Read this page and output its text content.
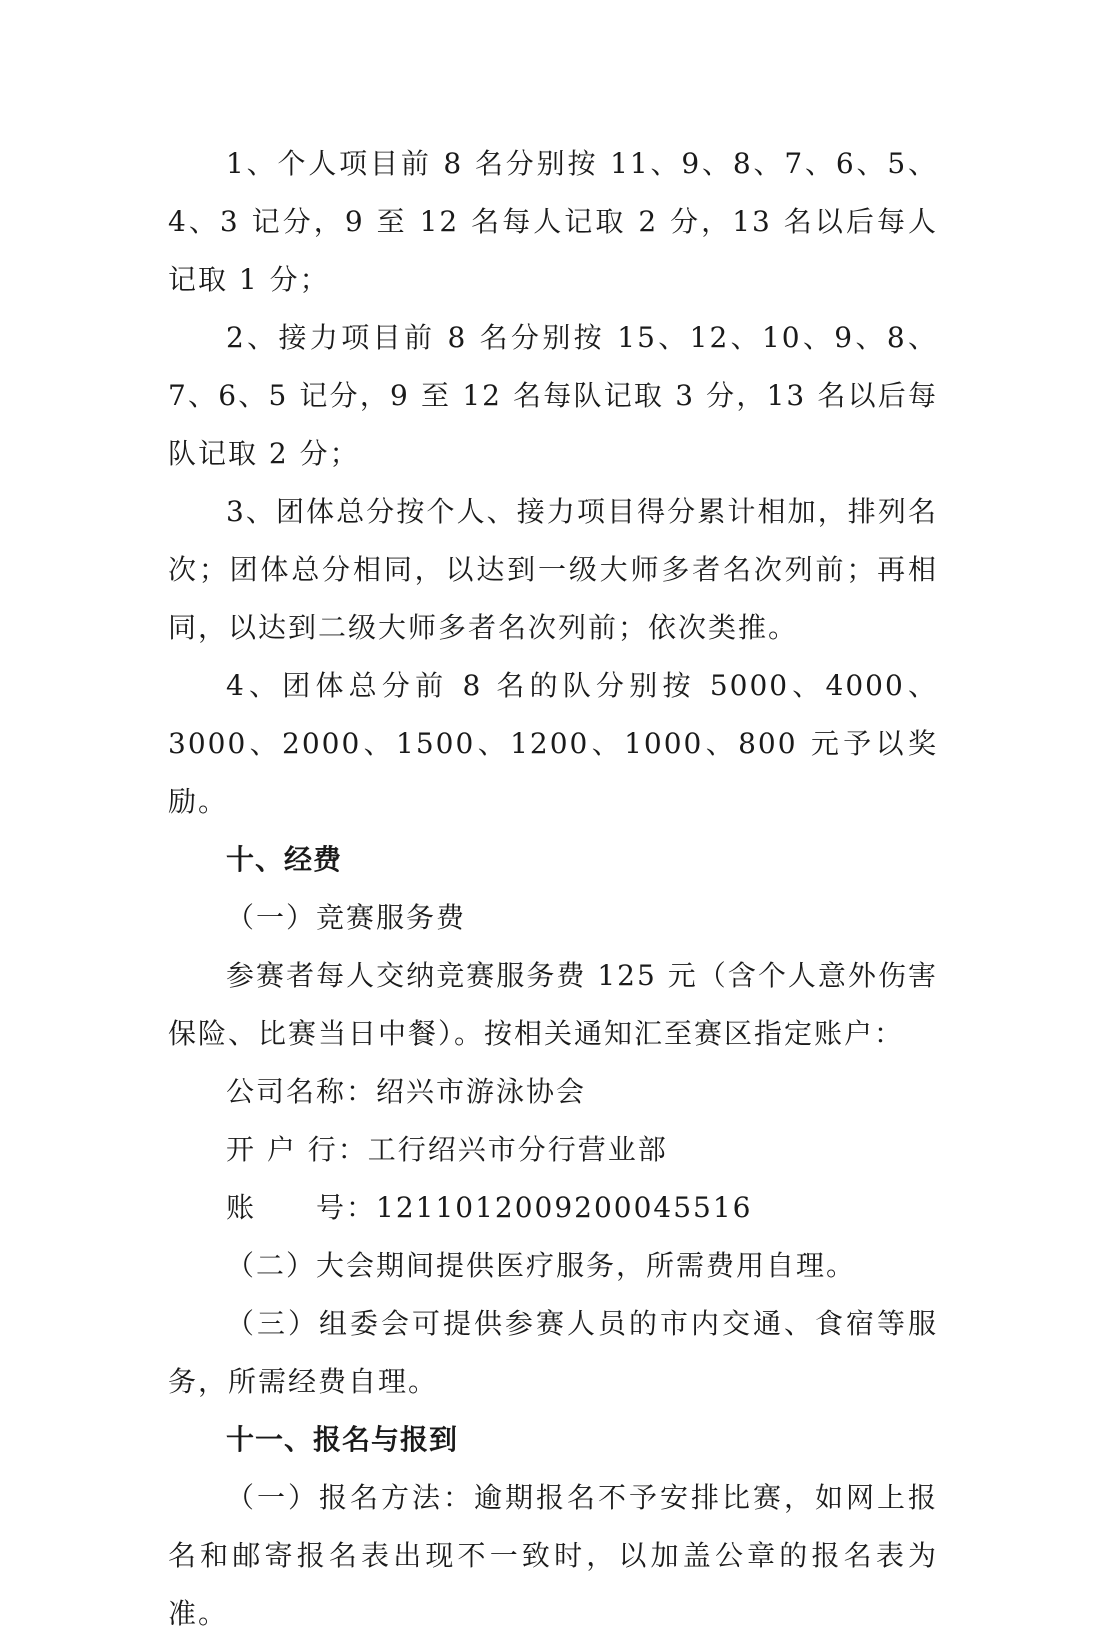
1、个人项目前 8 名分别按 11、9、8、7、6、5、4、3 记分，9 至 12 名每人记取 2 分，13 名以后每人记取 1 分；

2、接力项目前 8 名分别按 15、12、10、9、8、7、6、5 记分，9 至 12 名每队记取 3 分，13 名以后每队记取 2 分；

3、团体总分按个人、接力项目得分累计相加，排列名次；团体总分相同，以达到一级大师多者名次列前；再相同，以达到二级大师多者名次列前；依次类推。

4、团体总分前 8 名的队分别按 5000、4000、3000、2000、1500、1200、1000、800 元予以奖励。

十、经费

（一）竞赛服务费

参赛者每人交纳竞赛服务费 125 元（含个人意外伤害保险、比赛当日中餐）。按相关通知汇至赛区指定账户：

公司名称：绍兴市游泳协会

开 户 行：工行绍兴市分行营业部

账　　号：1211012009200045516

（二）大会期间提供医疗服务，所需费用自理。

（三）组委会可提供参赛人员的市内交通、食宿等服务，所需经费自理。

十一、报名与报到

（一）报名方法：逾期报名不予安排比赛，如网上报名和邮寄报名表出现不一致时，以加盖公章的报名表为准。
